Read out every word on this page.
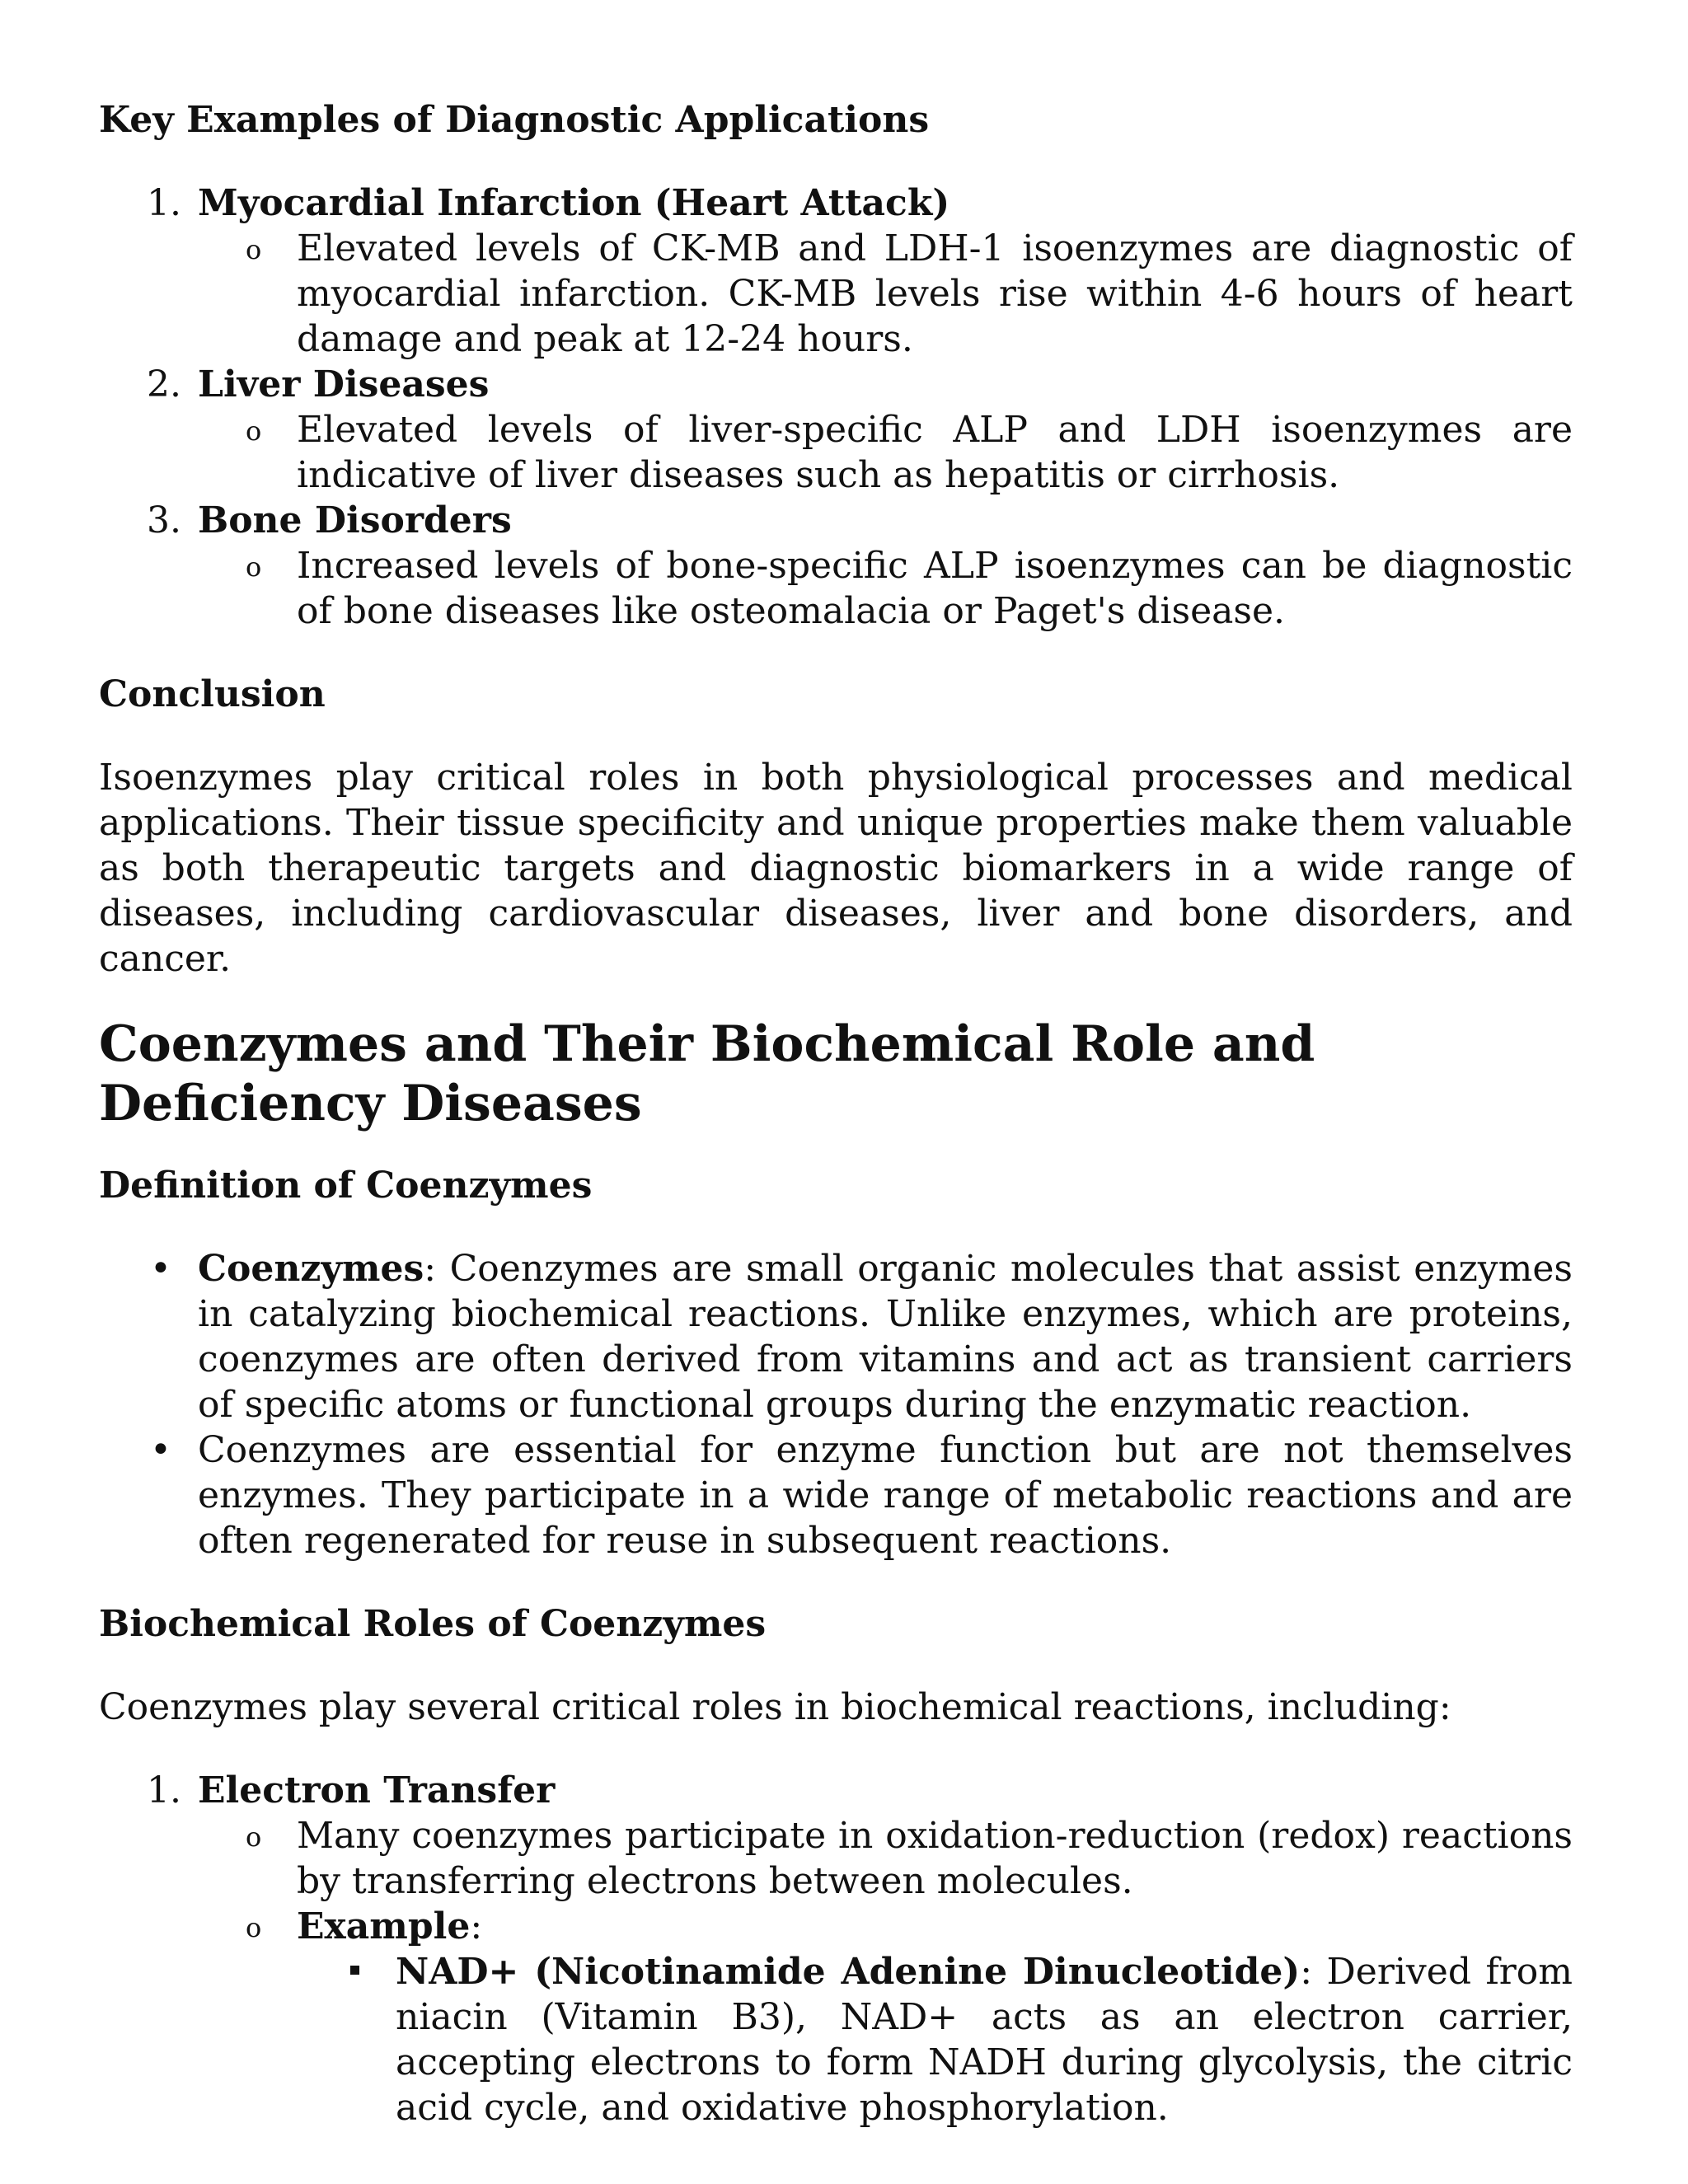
Key Examples of Diagnostic Applications
1. Myocardial Infarction (Heart Attack)
o Elevated levels of CK-MB and LDH-1 isoenzymes are diagnostic of myocardial infarction. CK-MB levels rise within 4-6 hours of heart damage and peak at 12-24 hours.
2. Liver Diseases
o Elevated levels of liver-specific ALP and LDH isoenzymes are indicative of liver diseases such as hepatitis or cirrhosis.
3. Bone Disorders
o Increased levels of bone-specific ALP isoenzymes can be diagnostic of bone diseases like osteomalacia or Paget's disease.
Conclusion

Isoenzymes play critical roles in both physiological processes and medical applications. Their tissue specificity and unique properties make them valuable as both therapeutic targets and diagnostic biomarkers in a wide range of diseases, including cardiovascular diseases, liver and bone disorders, and cancer.

Coenzymes and Their Biochemical Role and Deficiency Diseases
Definition of Coenzymes
• Coenzymes: Coenzymes are small organic molecules that assist enzymes in catalyzing biochemical reactions. Unlike enzymes, which are proteins, coenzymes are often derived from vitamins and act as transient carriers of specific atoms or functional groups during the enzymatic reaction.
• Coenzymes are essential for enzyme function but are not themselves enzymes. They participate in a wide range of metabolic reactions and are often regenerated for reuse in subsequent reactions.
Biochemical Roles of Coenzymes

Coenzymes play several critical roles in biochemical reactions, including:

1. Electron Transfer
o Many coenzymes participate in oxidation-reduction (redox) reactions by transferring electrons between molecules.
o Example:
NAD+ (Nicotinamide Adenine Dinucleotide): Derived from niacin (Vitamin B3), NAD+ acts as an electron carrier, accepting electrons to form NADH during glycolysis, the citric acid cycle, and oxidative phosphorylation.
